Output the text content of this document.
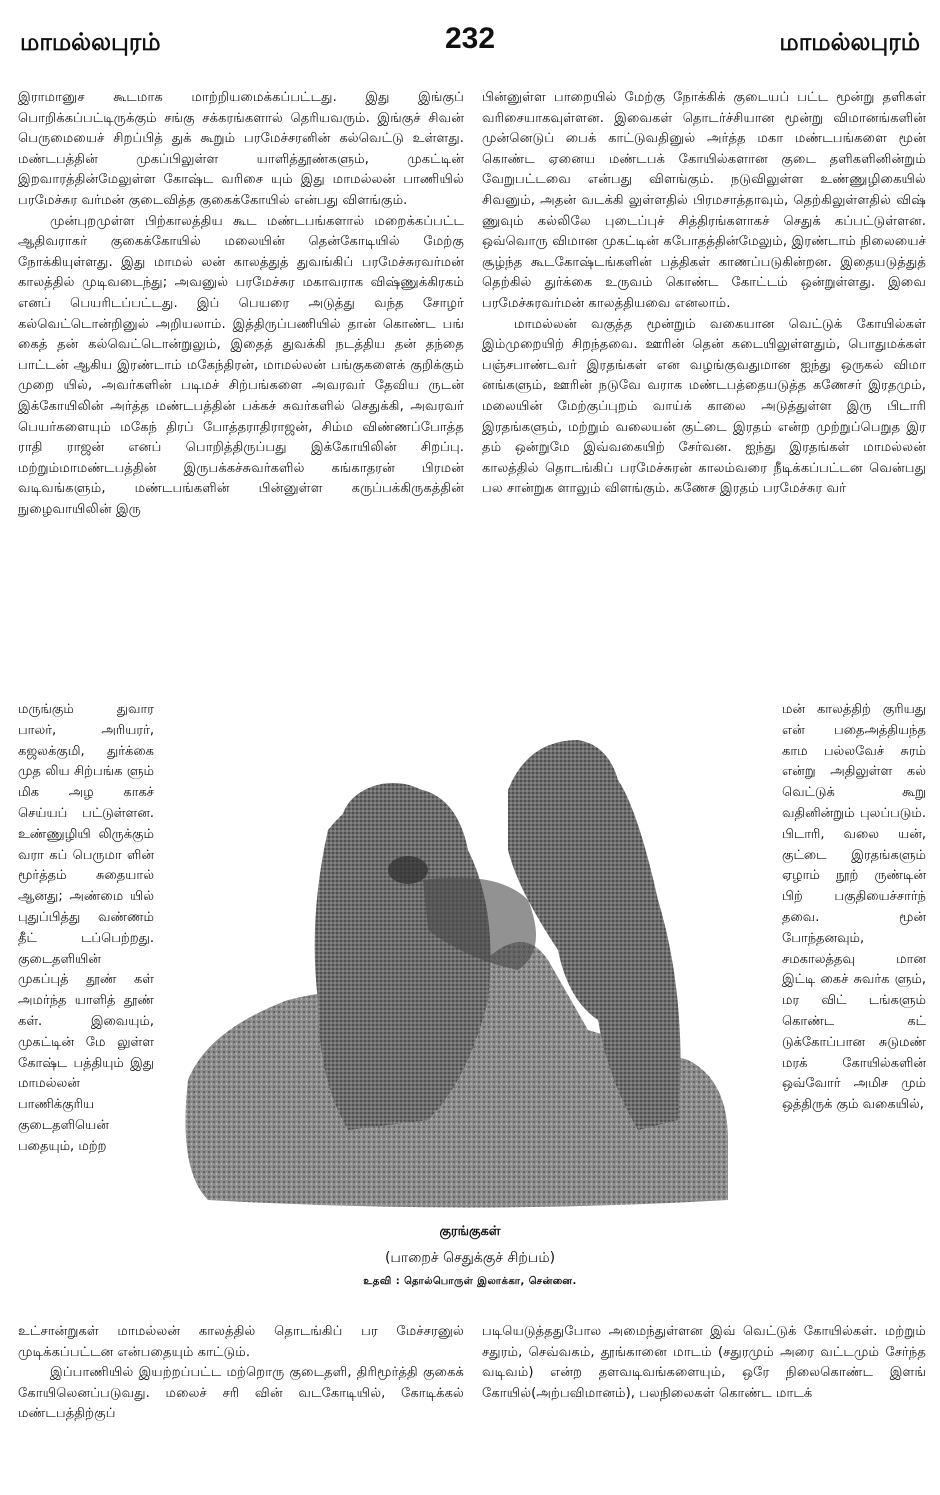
மாமல்லபுரம்	232	மாமல்லபுரம்

இராமானுச கூடமாக மாற்றியமைக்கப்பட்டது. இது இங்குப் பொறிக்கப்பட்டிருக்கும் சங்கு சக்கரங்களால் தெரியவரும். இங்குச் சிவன் பெருமையைச் சிறப்பித் துக் கூறும் பரமேச்சரனின் கல்வெட்டு உள்ளது. மண்டபத்தின் முகப்பிலுள்ள யாளித்தூண்களும், முகட்டின் இறவாரத்தின்மேலுள்ள கோஷ்ட வரிசை யும் இது மாமல்லன் பாணியில் பரமேச்சுர வர்மன் குடைவித்த குகைக்கோயில் என்பது விளங்கும்.

முன்புறமுள்ள பிற்காலத்திய கூட மண்டபங்களால் மறைக்கப்பட்ட ஆதிவராகர் குகைக்கோயில் மலையின் தென்கோடியில் மேற்கு நோக்கியுள்ளது. இது மாமல் லன் காலத்துத் துவங்கிப் பரமேச்சுரவர்மன் காலத்தில் முடிவடைந்து; அவனுல் பரமேச்சுர மகாவராக விஷ்ணுக்கிரகம் எனப் பெயரிடப்பட்டது. இப் பெயரை அடுத்து வந்த சோழர் கல்வெட்டொன்றினுல் அறியலாம். இத்திருப்பணியில் தான் கொண்ட பங் கைத் தன் கல்வெட்டொன்றுலும், இதைத் துவக்கி நடத்திய தன் தந்தை பாட்டன் ஆகிய இரண்டாம் மகேந்திரன், மாமல்லன் பங்குகளைக் குறிக்கும் முறை யில், அவர்களின் படிமச் சிற்பங்களை அவரவர் தேவிய ருடன் இக்கோயிலின் அர்த்த மண்டபத்தின் பக்கச் சுவர்களில் செதுக்கி, அவரவர் பெயர்களையும் மகேந் திரப் போத்தராதிராஜன், சிம்ம விண்ணப்போத்த ராதி ராஜன் எனப் பொறித்திருப்பது இக்கோயிலின் சிறப்பு. மற்றும்மாமண்டபத்தின் இருபக்கச்சுவர்களில் கங்காதரன் பிரமன் வடிவங்களும், மண்டபங்களின் பின்னுள்ள கருப்பக்கிருகத்தின் நுழைவாயிலின் இரு

பின்னுள்ள பாறையில் மேற்கு நோக்கிக் குடையப் பட்ட மூன்று தளிகள் வரிசையாகவுள்ளன. இவைகள் தொடர்ச்சியான மூன்று விமானங்களின் முன்னெடுப் பைக் காட்டுவதினுல் அர்த்த மகா மண்டபங்களை மூன் கொண்ட ஏனைய மண்டபக் கோயில்களான குடை தளிகளினின்றும் வேறுபட்டவை என்பது விளங்கும். நடுவிலுள்ள உண்ணுழிகையில் சிவனும், அதன் வடக்கி லுள்ளதில் பிரமசாத்தாவும், தெற்கிலுள்ளதில் விஷ் ணுவும் கல்லிலே புடைப்புச் சித்திரங்களாகச் செதுக் கப்பட்டுள்ளன. ஒவ்வொரு விமான முகட்டின் கபோதத்தின்மேலும், இரண்டாம் நிலையைச் சூழ்ந்த கூடகோஷ்டங்களின் பத்திகள் காணப்படுகின்றன. இதையடுத்துத் தெற்கில் துர்க்கை உருவம் கொண்ட கோட்டம் ஒன்றுள்ளது. இவை பரமேச்சுரவர்மன் காலத்தியவை எனலாம்.

மாமல்லன் வகுத்த மூன்றும் வகையான வெட்டுக் கோயில்கள் இம்முறையிற் சிறந்தவை. ஊரின் தென் கடையிலுள்ளதும், பொதுமக்கள் பஞ்சபாண்டவர் இரதங்கள் என வழங்குவதுமான ஐந்து ஒருகல் விமா னங்களும், ஊரின் நடுவே வராக மண்டபத்தையடுத்த கணேசர் இரதமும், மலையின் மேற்குப்புறம் வாய்க் காலை அடுத்துள்ள இரு பிடாரி இரதங்களும், மற்றும் வலையன் குட்டை இரதம் என்ற முற்றுப்பெறுத இர தம் ஒன்றுமே இவ்வகையிற் சேர்வன. ஐந்து இரதங்கள் மாமல்லன் காலத்தில் தொடங்கிப் பரமேச்சுரன் காலம்வரை நீடிக்கப்பட்டன வென்பது பல சான்றுக ளாலும் விளங்கும். கணேச இரதம் பரமேச்சுர வர்

மருங்கும் துவார பாலர், அரியரர், கஜலக்குமி, துர்க்கை முத லிய சிற்பங்க ளும் மிக அழ காகச் செய்யப் பட்டுள்ளன. உண்ணுழியி லிருக்கும் வரா கப் பெருமா ளின் மூர்த்தம் சுதையால் ஆனது; அண்மை யில் புதுப்பித்து வண்ணம் தீட் டப்பெற்றது. குடைதளியின் முகப்புத் தூண் கள் அமர்ந்த யாளித் தூண் கள். இவையும், முகட்டின் மே லுள்ள கோஷ்ட பத்தியும் இது மாமல்லன் பாணிக்குரிய குடைதளியென் பதையும், மற்ற

மன் காலத்திற் குரியது என் பதைஅத்தியந்த காம பல்லவேச் சுரம் என்று அதிலுள்ள கல் வெட்டுக் கூறு வதினின்றும் புலப்படும். பிடாரி, வலை யன், குட்டை இரதங்களும் ஏழாம் நூற் ருண்டின் பிற் பகுதியைச்சார்ந் தவை. மூன் போந்தனவும், சமகாலத்தவு மான இட்டி கைச் சுவர்க ளும், மர விட் டங்களும் கொண்ட கட் டுக்கோப்பான சுடுமண் மரக் கோயில்களின் ஒவ்வோர் அமிச மும் ஒத்திருக் கும் வகையில்,

குரங்குகள்
(பாறைச் செதுக்குச் சிற்பம்)
உதவி : தொல்பொருள் இலாக்கா, சென்னை.

உட்சான்றுகள் மாமல்லன் காலத்தில் தொடங்கிப் பர மேச்சரனுல் முடிக்கப்பட்டன என்பதையும் காட்டும்.

இப்பாணியில் இயற்றப்பட்ட மற்றொரு குடைதளி, திரிமூர்த்தி குகைக் கோயிலெனப்படுவது. மலைச் சரி வின் வடகோடியில், கோடிக்கல் மண்டபத்திற்குப்

படியெடுத்ததுபோல அமைந்துள்ளன இவ் வெட்டுக் கோயில்கள். மற்றும் சதுரம், செவ்வகம், தூங்கானை மாடம் (சதுரமும் அரை வட்டமும் சேர்ந்த வடிவம்) என்ற தளவடிவங்களையும், ஒரே நிலைகொண்ட இளங் கோயில்(அற்பவிமானம்), பலநிலைகள் கொண்ட மாடக்
